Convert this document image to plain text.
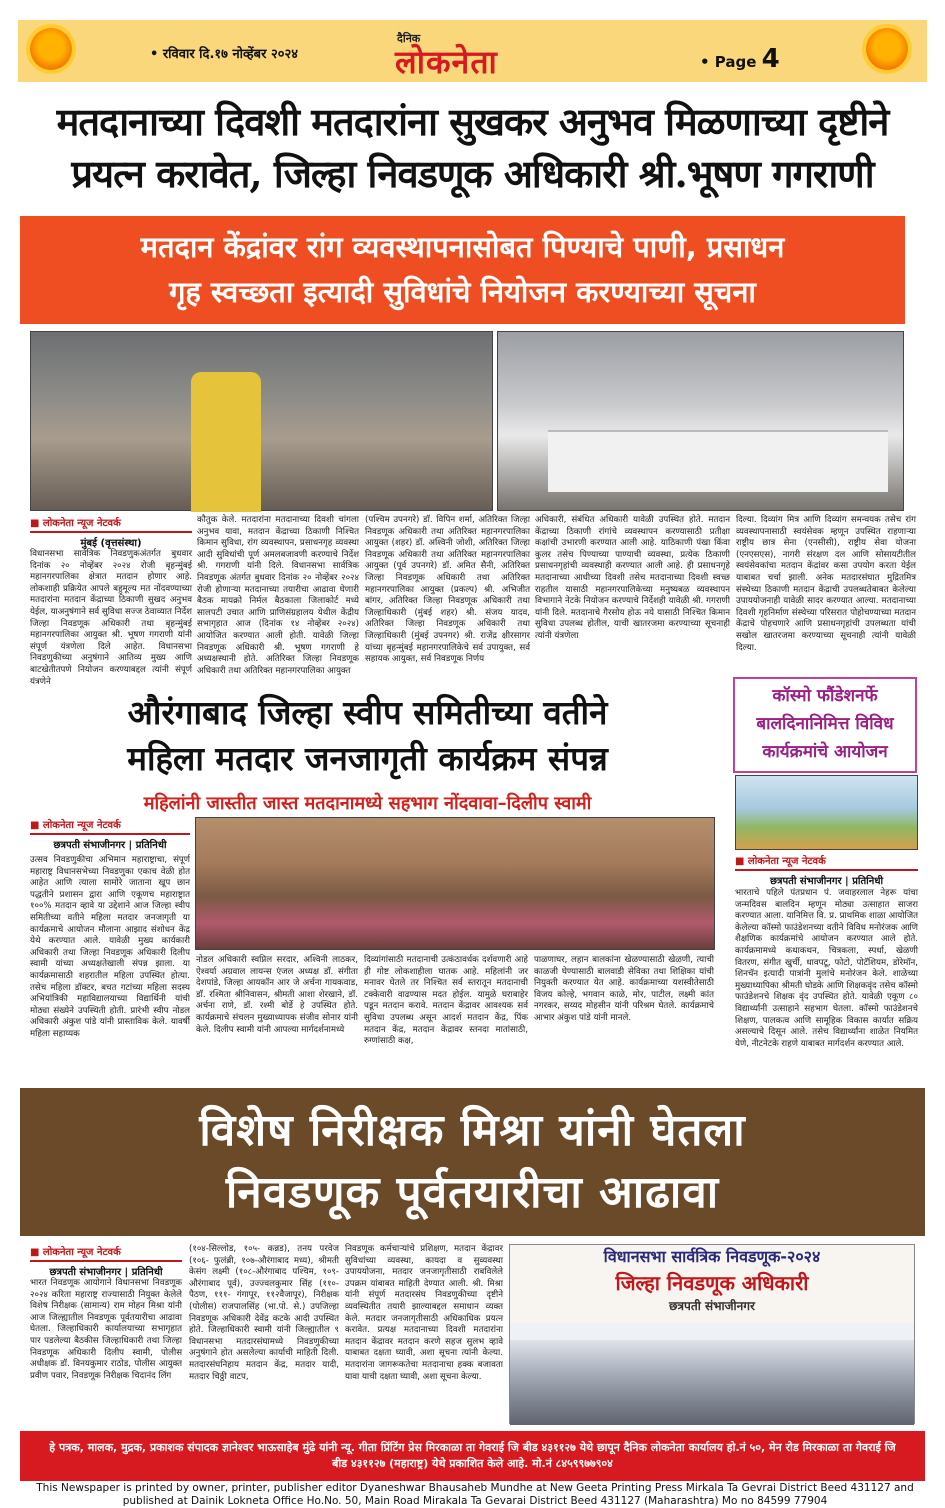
• रविवार दि.१७ नोव्हेंबर २०२४
दैनिक
लोकनेता	• Page 4
मतदानाच्या दिवशी मतदारांना सुखकर अनुभव मिळणाच्या दृष्टीने
प्रयत्न करावेत, जिल्हा निवडणूक अधिकारी श्री.भूषण गगराणी
मतदान केंद्रांवर रांग व्यवस्थापनासोबत पिण्याचे पाणी, प्रसाधन
गृह स्वच्छता इत्यादी सुविधांचे नियोजन करण्याच्या सूचना
■ लोकनेता न्यूज नेटवर्क
मुंबई (वृत्तसंस्था)
विधानसभा सार्वत्रिक निवडणुकअंतर्गत बुधवार दिनांक २० नोव्हेंबर २०२४ रोजी बृहन्मुंबई महानगरपालिका क्षेत्रात मतदान होणार आहे. लोकशाही प्रक्रियेत आपले बहुमूल्य मत नोंदवण्याच्या मतदारांना मतदान केंद्राच्या ठिकाणी सुखद अनुभव येईल, याअनुषंगाने सर्व सुविधा सज्ज ठेवाव्यात निर्देश जिल्हा निवडणूक अधिकारी तथा बृहन्मुंबई महानगरपालिका आयुक्त श्री. भूषण गगराणी यांनी संपूर्ण यंत्रणेला दिले आहेत. विधानसभा निवडणुकीच्या अनुषंगाने आतिव्य मुख्य आणि बाटखेतीतपणे नियोजन करण्याबद्दल त्यांनी संपूर्ण यंत्रणेने
कौतुक केले. मतदारांना मतदानाच्या दिवशी चांगला अनुभव यावा, मतदान केंद्राच्या ठिकाणी निश्चित किमान सुविधा, रांग व्यवस्थापन, प्रसाधनगृह व्यवस्था आदी सुविधांची पूर्ण अमलबजावणी करण्याचे निर्देश श्री. गगराणी यांनी दिले. विधानसभा सार्वत्रिक निवडणूक अंतर्गत बुधवार दिनांक २० नोव्हेंबर २०२४ रोजी होणाऱ्या मतदानाच्या तयारीचा आढावा घेणारी बैठक मायक्रो निर्मल बैठकाला जिलाकोर्ट मध्ये सालपटी उचात आणि प्राणिसंग्रहालय येथील केंद्रीय सभागृहात आज (दिनांक १४ नोव्हेंबर २०२४) आयोजित करण्यात आली होती. यावेळी जिल्हा निवडणूक अधिकारी श्री. भूषण गगराणी हे अध्यक्षस्थानी होते. अतिरिक्त जिल्हा निवडणूक अधिकारी तथा अतिरिक्त महानगरपालिका आयुक्त
(पश्चिम उपनगरे) डॉ. विपिन शर्मा, अतिरिक्त जिल्हा निवडणूक अधिकारी तथा अतिरिक्त महानगरपालिका आयुक्त (शहर) डॉ. अश्विनी जोशी, अतिरिक्त जिल्हा निवडणूक अधिकारी तथा अतिरिक्त महानगरपालिका आयुक्त (पूर्व उपनगरे) डॉ. अमित सैनी, अतिरिक्त जिल्हा निवडणूक अधिकारी तथा अतिरिक्त महानगरपालिका आयुक्त (प्रकल्प) श्री. अभिजीत बांगर, अतिरिक्त जिल्हा निवडणूक अधिकारी तथा जिल्हाधिकारी (मुंबई शहर) श्री. संजय यादव, अतिरिक्त जिल्हा निवडणूक अधिकारी तथा जिल्हाधिकारी (मुंबई उपनगर) श्री. राजेंद्र क्षीरसागर यांच्या बृहन्मुंबई महानगरपालिकेचे सर्व उपायुक्त, सर्व सहायक आयुक्त, सर्व निवडणूक निर्णय
अधिकारी, संबंधित अधिकारी यावेळी उपस्थित होते. मतदान केंद्राच्या ठिकाणी रांगांचे व्यवस्थापन करण्यासाठी प्रतीक्षा कक्षांची उभारणी करण्यात आली आहे. याठिकाणी पंखा किंवा कुलर तसेच पिण्याच्या पाण्याची व्यवस्था, प्रत्येक ठिकाणी प्रसाधनगृहांची व्यवस्थाही करण्यात आली आहे. ही प्रसाधनगृहे मतदानाच्या आधीच्या दिवशी तसेच मतदानाच्या दिवशी स्वच्छ राहतील यासाठी महानगरपालिकेच्या मनुष्यबळ व्यवस्थापन विभागाने नेटके नियोजन करण्याचे निर्देशही यावेळी श्री. गगराणी यांनी दिले. मतदानाचे गैरसोय होऊ नये यासाठी निश्चित किमान सुविधा उपलब्ध होतील, याची खातरजमा करण्याच्या सूचनाही त्यांनी यंत्रणेला
दिल्या. दिव्यांग मित्र आणि दिव्यांग समन्वयक तसेच रांग व्यवस्थापनासाठी स्वयंसेवक म्हणून उपस्थित राहणाऱ्या राष्ट्रीय छात्र सेना (एनसीसी), राष्ट्रीय सेवा योजना (एनएसएस), नागरी संरक्षण दल आणि सोसायटीतील स्वयंसेवकांचा मतदान केंद्रांवर कसा उपयोग करता येईल याबाबत चर्चा झाली. अनेक मतदारसंघात मुद्रितमित्र संस्थेच्या ठिकाणी मतदान केंद्राची उपलब्धतेबाबत केलेल्या उपाययोजनाही यावेळी सादर करण्यात आल्या. मतदानाच्या दिवशी गृहनिर्माण संस्थेच्या परिसरात पोहोचण्याच्या मतदान केंद्राचे पोहचणारे आणि प्रसाधनगृहांची उपलब्धता यांची सखोल खातरजमा करण्याच्या सूचनाही त्यांनी यावेळी दिल्या.
औरंगाबाद जिल्हा स्वीप समितीच्या वतीने
महिला मतदार जनजागृती कार्यक्रम संपन्न
महिलांनी जास्तीत जास्त मतदानामध्ये सहभाग नोंदवावा–दिलीप स्वामी
■ लोकनेता न्यूज नेटवर्क
छत्रपती संभाजीनगर | प्रतिनिधी
उत्सव निवडणुकीचा अभिमान महाराष्ट्राचा, संपूर्ण महाराष्ट्र विधानसभेच्या निवडणुका एकाच वेळी होत आहेत आणि त्याला सामोरे जाताना खूप छान पद्धतीने प्रशासन द्वारा आणि एकूणच महाराष्ट्रात १००% मतदान व्हावे या उद्देशाने आज जिल्हा स्वीप समितीच्या वतीने महिला मतदार जनजागृती या कार्यक्रमाचे आयोजन मौलाना आझाद संशोधन केंद्र येथे करण्यात आले. यावेळी मुख्य कार्यकारी अधिकारी तथा जिल्हा निवडणूक अधिकारी दिलीप स्वामी यांच्या अध्यक्षतेखाली संपन्न झाला. या कार्यक्रमासाठी शहरातील महिला उपस्थित होत्या. तसेच महिला डॉक्टर, बचत गटांच्या महिला सदस्य अभियांत्रिकी महाविद्यालयाच्या विद्यार्थिनी यांची मोठ्या संख्येने उपस्थिती होती. प्रारंभी स्वीप नोडल अधिकारी अंकुश पांडे यांनी प्रास्ताविक केले. यावर्षी महिला सहाय्यक
नोडल अधिकारी स्वप्निल सरदार, अश्विनी लाठकर, ऐश्वर्या अग्रवाल लायन्स एंजल अध्यक्ष डॉ. संगीता देशपांडे, जिल्हा आयकॉन आर जे अर्चना गायकवाड, डॉ. रश्मिता श्रीनिवासन, श्रीमती आशा शेरखाने, डॉ. अर्चना राणे, डॉ. रश्मी बोर्डे हे उपस्थित होते. कार्यक्रमाचे संचलन मुख्याध्यापक संजीव सोनार यांनी केले. दिलीप स्वामी यांनी आपल्या मार्गदर्शनामध्ये
दिव्यांगांसाठी मतदानाची उत्कंठावर्धक दर्शवणारी आहे ही गोष्ट लोकशाहीला घातक आहे. महिलांनी जर मनावर घेतले तर निश्चित सर्व स्तरातून मतदानाची टक्केवारी वाढण्यास मदत होईल. यामुळे घराबाहेर पडून मतदान करावे. मतदान केंद्रावर आवश्यक सर्व सुविधा उपलब्ध असून आदर्श मतदान केंद्र, पिंक मतदान केंद्र, मतदान केंद्रावर स्तनदा मातांसाठी, रुग्णांसाठी कक्ष,
पाळणाघर, लहान बालकांना खेळण्यासाठी खेळणी, त्याची काळजी घेण्यासाठी बालवाडी सेविका तथा शिक्षिका यांची नियुक्ती करण्यात येत आहे. कार्यक्रमाच्या यशस्वीतेसाठी विजय कोल्हे, भगवान काळे, मोर, पाटील, लक्ष्मी कांत नगरकर, सय्यद मोहसीन यांनी परिश्रम घेतले. कार्यक्रमाचे आभार अंकुश पांडे यांनी मानले.
कॉस्मो फौंडेशनर्फे
बालदिनानिमित्त विविध
कार्यक्रमांचे आयोजन
■ लोकनेता न्यूज नेटवर्क
छत्रपती संभाजीनगर | प्रतिनिधी
भारताचे पहिले पंतप्रधान पं. जवाहरलाल नेहरू यांचा जन्मदिवस बालदिन म्हणून मोठ्या उत्साहात साजरा करण्यात आला. यानिमित्त वि. प्र. प्राथमिक शाळा आयोजित केलेल्या कॉस्मो फाउंडेशनच्या वतीने विविध मनोरंजक आणि शैक्षणिक कार्यक्रमांचे आयोजन करण्यात आले होते. कार्यक्रमामध्ये कथाकथन, चित्रकला, स्पर्धा, खेळणी वितरण, संगीत खुर्ची, धावपटू, फोटो, पोटॅशियम, डोरेमॉन, शिनचॅन इत्यादी पात्रांनी मुलांचे मनोरंजन केले. शाळेच्या मुख्याध्यापिका श्रीमती घोडके आणि शिक्षकवृंद तसेच कॉस्मो फाउंडेशनचे शिक्षक वृंद उपस्थित होते. यावेळी एकूण ८० विद्यार्थ्यांनी उत्साहाने सहभाग घेतला. कॉस्मो फाउंडेशनचे शिक्षण, पालकत्व आणि सामूहिक विकास कार्यात सक्रिय असल्याचे दिसून आले. तसेच विद्यार्थ्यांना शाळेत नियमित येणे, नीटनेटके राहणे याबाबत मार्गदर्शन करण्यात आले.
विशेष निरीक्षक मिश्रा यांनी घेतला
निवडणूक पूर्वतयारीचा आढावा
■ लोकनेता न्यूज नेटवर्क
छत्रपती संभाजीनगर | प्रतिनिधी
भारत निवडणूक आयोगाने विधानसभा निवडणूक २०२४ करिता महाराष्ट्र राज्यासाठी नियुक्त केलेले विशेष निरीक्षक (सामान्य) राम मोहन मिश्रा यांनी आज जिल्ह्यातील निवडणूक पूर्वतयारीचा आढावा घेतला. जिल्हाधिकारी कार्यालयाच्या सभागृहात पार पडलेल्या बैठकीस जिल्हाधिकारी तथा जिल्हा निवडणूक अधिकारी दिलीप स्वामी, पोलीस अधीक्षक डॉ. विनयकुमार राठोड, पोलीस आयुक्त प्रवीण पवार, निवडणूक निरीक्षक चिदानंद लिंग
(१०४-सिल्लोड, १०५- कन्नड), तनय परवेज (१०६- फुलंब्री, १०७-औरंगाबाद मध्य), श्रीमती केसंग लक्ष्मी (१०८-औरंगाबाद पश्चिम, १०९-औरंगाबाद पूर्व), उज्ज्वलकुमार सिंह (११०-पैठण, १११- गंगापूर, ११२वैजापूर), निरीक्षक (पोलीस) राजपालसिंह (भा.पो. से.) उपजिल्हा निवडणूक अधिकारी देवेंद्र कटके आदी उपस्थित होते. जिल्हाधिकारी स्वामी यांनी जिल्ह्यातील ९ विधानसभा मतदारसंघामध्ये निवडणुकीच्या अनुषंगाने होत असलेल्या कार्याची माहिती दिली. मतदारसंघनिहाय मतदान केंद्र, मतदार यादी, मतदार चिठ्ठी वाटप,
निवडणूक कर्मचाऱ्यांचे प्रशिक्षण, मतदान केंद्रावर सुविधांच्या व्यवस्था, कायदा व सुव्यवस्था उपाययोजना, मतदार जनजागृतीसाठी राबविलेले उपक्रम यांबाबत माहिती देण्यात आली. श्री. मिश्रा यांनी संपूर्ण मतदारसंघ निवडणुकीच्या दृष्टीने व्यवस्थितीत तयारी झाल्याबद्दल समाधान व्यक्त केले. मतदार जनजागृतीसाठी अधिकाधिक प्रयत्न करावेत. प्रत्यक्ष मतदानाच्या दिवशी मतदारांना मतदान केंद्रावर मतदान करणे सहज सुलभ व्हावे याबाबत दक्षता घ्यावी, अशा सूचना त्यांनी केल्या. मतदारांना जागरूकतेचा मतदानाचा हक्क बजावता यावा याची दक्षता घ्यावी, अशा सूचना केल्या.
विधानसभा सार्वत्रिक निवडणूक-२०२४
जिल्हा निवडणूक अधिकारी
छत्रपती संभाजीनगर
हे पत्रक, मालक, मुद्रक, प्रकाशक संपादक ज्ञानेश्वर भाऊसाहेब मुंढे यांनी न्यू. गीता प्रिंटिंग प्रेस मिरकाळा ता गेवराई जि बीड ४३११२७ येथे छापून दैनिक लोकनेता कार्यालय हो.नं ५०, मेन रोड मिरकाळा ता गेवराई जि बीड ४३११२७ (महाराष्ट्र) येथे प्रकाशित केले आहे. मो.नं ८४५९९७७९०४
This Newspaper is printed by owner, printer, publisher editor Dyaneshwar Bhausaheb Mundhe at New Geeta Printing Press Mirkala Ta Gevrai District Beed 431127 and published at Dainik Lokneta Office Ho.No. 50, Main Road Mirakala Ta Gevarai District Beed 431127 (Maharashtra) Mo no 84599 77904
